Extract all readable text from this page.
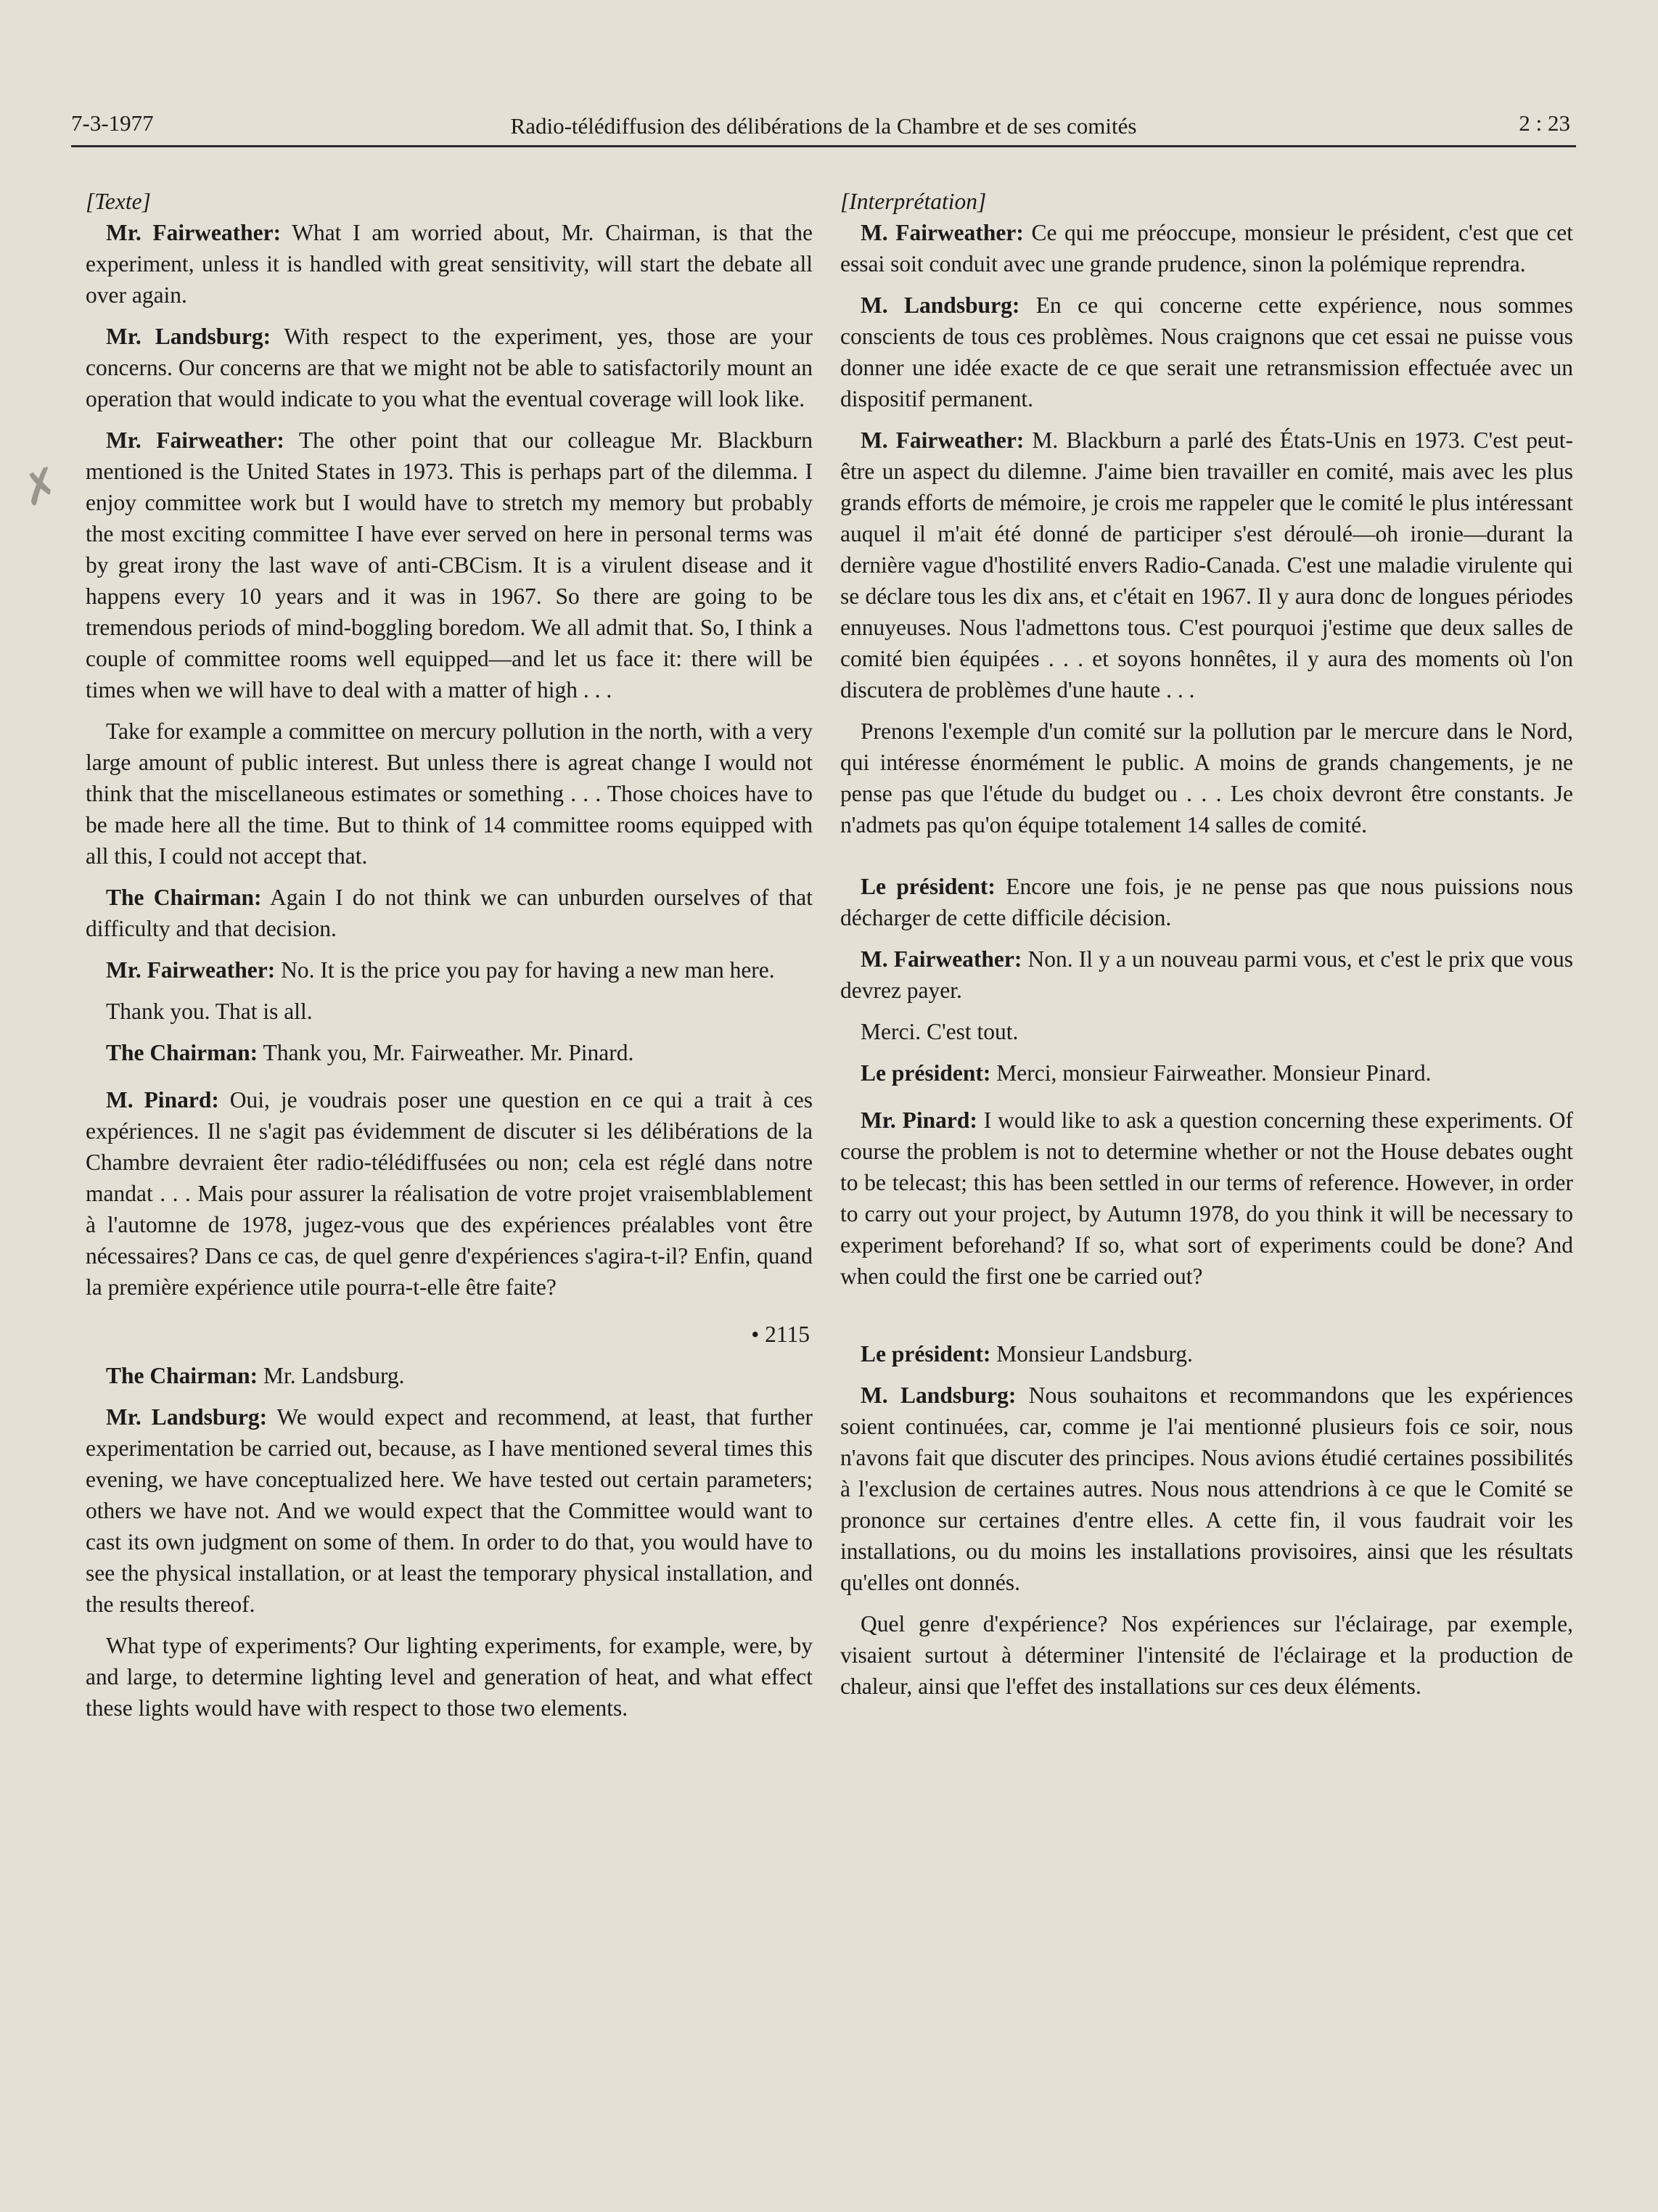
7-3-1977	Radio-télédiffusion des délibérations de la Chambre et de ses comités	2 : 23
✗

[Texte]

Mr. Fairweather: What I am worried about, Mr. Chairman, is that the experiment, unless it is handled with great sensitivity, will start the debate all over again.

Mr. Landsburg: With respect to the experiment, yes, those are your concerns. Our concerns are that we might not be able to satisfactorily mount an operation that would indicate to you what the eventual coverage will look like.

Mr. Fairweather: The other point that our colleague Mr. Blackburn mentioned is the United States in 1973. This is perhaps part of the dilemma. I enjoy committee work but I would have to stretch my memory but probably the most exciting committee I have ever served on here in personal terms was by great irony the last wave of anti-CBCism. It is a virulent disease and it happens every 10 years and it was in 1967. So there are going to be tremendous periods of mind-boggling boredom. We all admit that. So, I think a couple of committee rooms well equipped—and let us face it: there will be times when we will have to deal with a matter of high . . .

Take for example a committee on mercury pollution in the north, with a very large amount of public interest. But unless there is agreat change I would not think that the miscellaneous estimates or something . . . Those choices have to be made here all the time. But to think of 14 committee rooms equipped with all this, I could not accept that.

The Chairman: Again I do not think we can unburden ourselves of that difficulty and that decision.

Mr. Fairweather: No. It is the price you pay for having a new man here.

Thank you. That is all.

The Chairman: Thank you, Mr. Fairweather. Mr. Pinard.

M. Pinard: Oui, je voudrais poser une question en ce qui a trait à ces expériences. Il ne s'agit pas évidemment de discuter si les délibérations de la Chambre devraient êter radio-télédiffusées ou non; cela est réglé dans notre mandat . . . Mais pour assurer la réalisation de votre projet vraisemblablement à l'automne de 1978, jugez-vous que des expériences préalables vont être nécessaires? Dans ce cas, de quel genre d'expériences s'agira-t-il? Enfin, quand la première expérience utile pourra-t-elle être faite?

• 2115

The Chairman: Mr. Landsburg.

Mr. Landsburg: We would expect and recommend, at least, that further experimentation be carried out, because, as I have mentioned several times this evening, we have conceptualized here. We have tested out certain parameters; others we have not. And we would expect that the Committee would want to cast its own judgment on some of them. In order to do that, you would have to see the physical installation, or at least the temporary physical installation, and the results thereof.

What type of experiments? Our lighting experiments, for example, were, by and large, to determine lighting level and generation of heat, and what effect these lights would have with respect to those two elements.

[Interprétation]

M. Fairweather: Ce qui me préoccupe, monsieur le président, c'est que cet essai soit conduit avec une grande prudence, sinon la polémique reprendra.

M. Landsburg: En ce qui concerne cette expérience, nous sommes conscients de tous ces problèmes. Nous craignons que cet essai ne puisse vous donner une idée exacte de ce que serait une retransmission effectuée avec un dispositif permanent.

M. Fairweather: M. Blackburn a parlé des États-Unis en 1973. C'est peut-être un aspect du dilemne. J'aime bien travailler en comité, mais avec les plus grands efforts de mémoire, je crois me rappeler que le comité le plus intéressant auquel il m'ait été donné de participer s'est déroulé—oh ironie—durant la dernière vague d'hostilité envers Radio-Canada. C'est une maladie virulente qui se déclare tous les dix ans, et c'était en 1967. Il y aura donc de longues périodes ennuyeuses. Nous l'admettons tous. C'est pourquoi j'estime que deux salles de comité bien équipées . . . et soyons honnêtes, il y aura des moments où l'on discutera de problèmes d'une haute . . .

Prenons l'exemple d'un comité sur la pollution par le mercure dans le Nord, qui intéresse énormément le public. A moins de grands changements, je ne pense pas que l'étude du budget ou . . . Les choix devront être constants. Je n'admets pas qu'on équipe totalement 14 salles de comité.

Le président: Encore une fois, je ne pense pas que nous puissions nous décharger de cette difficile décision.

M. Fairweather: Non. Il y a un nouveau parmi vous, et c'est le prix que vous devrez payer.

Merci. C'est tout.

Le président: Merci, monsieur Fairweather. Monsieur Pinard.

Mr. Pinard: I would like to ask a question concerning these experiments. Of course the problem is not to determine whether or not the House debates ought to be telecast; this has been settled in our terms of reference. However, in order to carry out your project, by Autumn 1978, do you think it will be necessary to experiment beforehand? If so, what sort of experiments could be done? And when could the first one be carried out?

Le président: Monsieur Landsburg.

M. Landsburg: Nous souhaitons et recommandons que les expériences soient continuées, car, comme je l'ai mentionné plusieurs fois ce soir, nous n'avons fait que discuter des principes. Nous avions étudié certaines possibilités à l'exclusion de certaines autres. Nous nous attendrions à ce que le Comité se prononce sur certaines d'entre elles. A cette fin, il vous faudrait voir les installations, ou du moins les installations provisoires, ainsi que les résultats qu'elles ont donnés.

Quel genre d'expérience? Nos expériences sur l'éclairage, par exemple, visaient surtout à déterminer l'intensité de l'éclairage et la production de chaleur, ainsi que l'effet des installations sur ces deux éléments.
